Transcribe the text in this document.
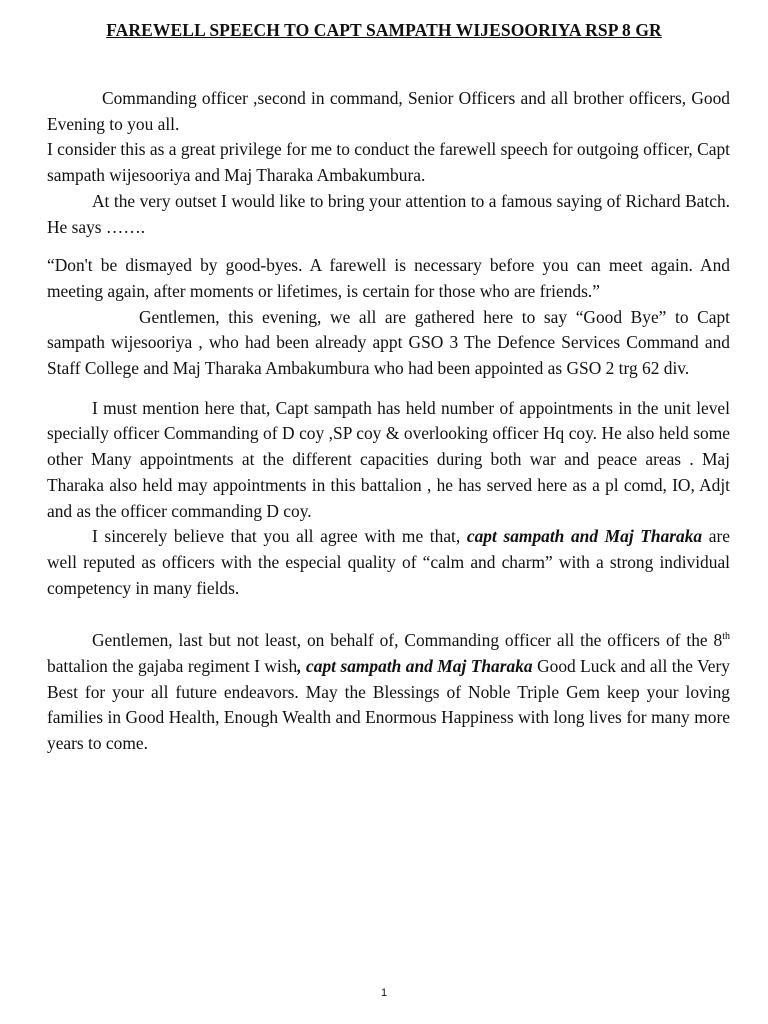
FAREWELL SPEECH TO CAPT SAMPATH WIJESOORIYA RSP 8 GR

Commanding officer ,second in command, Senior Officers and all brother officers, Good Evening to you all.

I consider this as a great privilege for me to conduct the farewell speech for outgoing officer, Capt sampath wijesooriya and Maj Tharaka Ambakumbura.

At the very outset I would like to bring your attention to a famous saying of Richard Batch. He says …….

“Don't be dismayed by good-byes. A farewell is necessary before you can meet again. And meeting again, after moments or lifetimes, is certain for those who are friends.”

Gentlemen, this evening, we all are gathered here to say “Good Bye” to Capt sampath wijesooriya , who had been already appt GSO 3 The Defence Services Command and Staff College and Maj Tharaka Ambakumbura who had been appointed as GSO 2 trg 62 div.

I must mention here that, Capt sampath has held number of appointments in the unit level specially officer Commanding of D coy ,SP coy & overlooking officer Hq coy. He also held some other Many appointments at the different capacities during both war and peace areas . Maj Tharaka also held may appointments in this battalion , he has served here as a pl comd, IO, Adjt and as the officer commanding D coy.

I sincerely believe that you all agree with me that, capt sampath and Maj Tharaka are well reputed as officers with the especial quality of “calm and charm” with a strong individual competency in many fields.

Gentlemen, last but not least, on behalf of, Commanding officer all the officers of the 8th battalion the gajaba regiment I wish, capt sampath and Maj Tharaka Good Luck and all the Very Best for your all future endeavors. May the Blessings of Noble Triple Gem keep your loving families in Good Health, Enough Wealth and Enormous Happiness with long lives for many more years to come.

1
